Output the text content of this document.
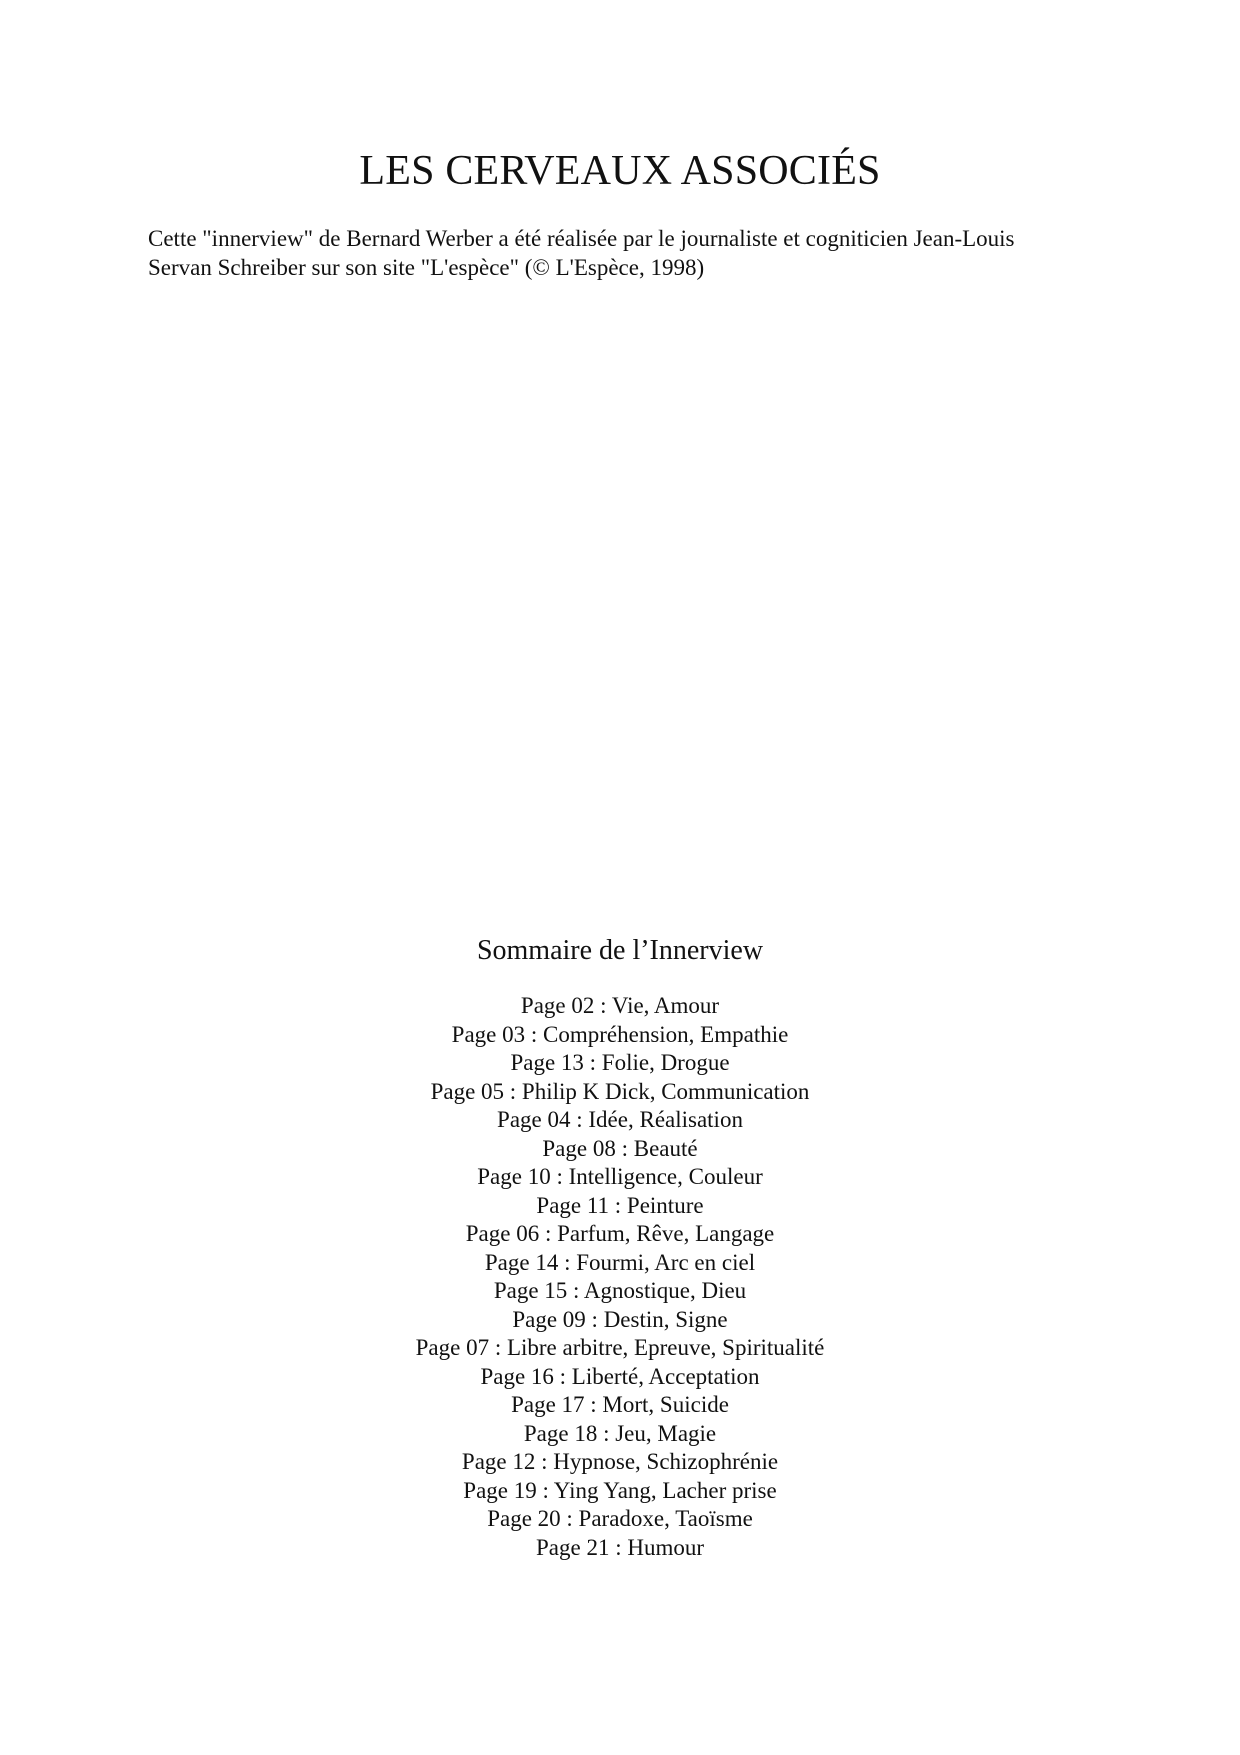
LES CERVEAUX ASSOCIÉS

Cette "innerview" de Bernard Werber a été réalisée par le journaliste et cogniticien Jean-Louis
Servan Schreiber sur son site "L'espèce" (© L'Espèce, 1998)

Sommaire de l’Innerview
Page 02 : Vie, Amour
Page 03 : Compréhension, Empathie
Page 13 : Folie, Drogue
Page 05 : Philip K Dick, Communication
Page 04 : Idée, Réalisation
Page 08 : Beauté
Page 10 : Intelligence, Couleur
Page 11 : Peinture
Page 06 : Parfum, Rêve, Langage
Page 14 : Fourmi, Arc en ciel
Page 15 : Agnostique, Dieu
Page 09 : Destin, Signe
Page 07 : Libre arbitre, Epreuve, Spiritualité
Page 16 : Liberté, Acceptation
Page 17 : Mort, Suicide
Page 18 : Jeu, Magie
Page 12 : Hypnose, Schizophrénie
Page 19 : Ying Yang, Lacher prise
Page 20 : Paradoxe, Taoïsme
Page 21 : Humour
